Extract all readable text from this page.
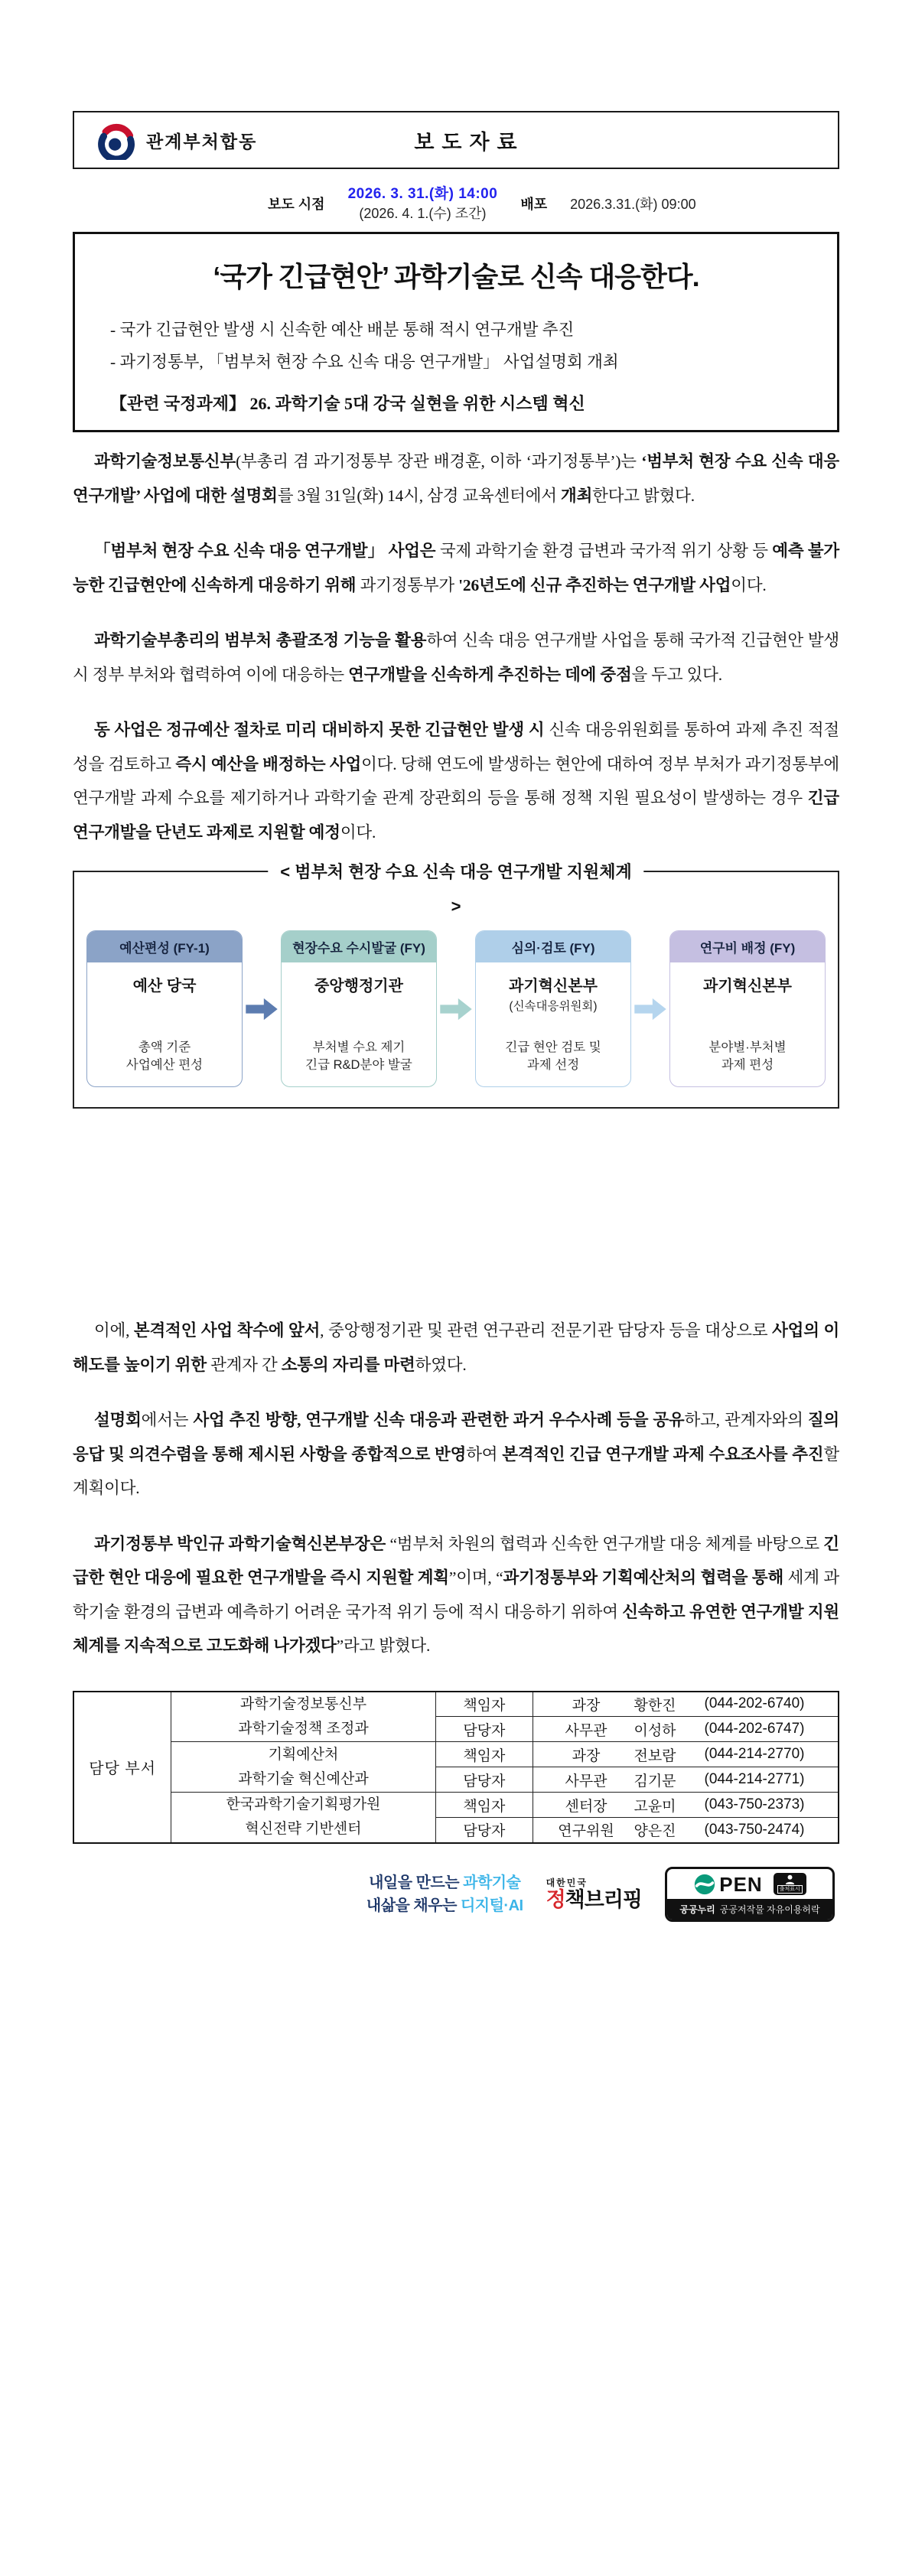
관계부처합동	보도자료
보도 시점
2026. 3. 31.(화) 14:00
(2026. 4. 1.(수) 조간)
배포 2026.3.31.(화) 09:00
‘국가 긴급현안’ 과학기술로 신속 대응한다.
- 국가 긴급현안 발생 시 신속한 예산 배분 통해 적시 연구개발 추진
- 과기정통부, 「범부처 현장 수요 신속 대응 연구개발」 사업설명회 개최
【관련 국정과제】 26. 과학기술 5대 강국 실현을 위한 시스템 혁신

과학기술정보통신부(부총리 겸 과기정통부 장관 배경훈, 이하 ‘과기정통부’)는 ‘범부처 현장 수요 신속 대응 연구개발’ 사업에 대한 설명회를 3월 31일(화) 14시, 삼경 교육센터에서 개최한다고 밝혔다.

「범부처 현장 수요 신속 대응 연구개발」 사업은 국제 과학기술 환경 급변과 국가적 위기 상황 등 예측 불가능한 긴급현안에 신속하게 대응하기 위해 과기정통부가 '26년도에 신규 추진하는 연구개발 사업이다.

과학기술부총리의 범부처 총괄조정 기능을 활용하여 신속 대응 연구개발 사업을 통해 국가적 긴급현안 발생 시 정부 부처와 협력하여 이에 대응하는 연구개발을 신속하게 추진하는 데에 중점을 두고 있다.

동 사업은 정규예산 절차로 미리 대비하지 못한 긴급현안 발생 시 신속 대응위원회를 통하여 과제 추진 적절성을 검토하고 즉시 예산을 배정하는 사업이다. 당해 연도에 발생하는 현안에 대하여 정부 부처가 과기정통부에 연구개발 과제 수요를 제기하거나 과학기술 관계 장관회의 등을 통해 정책 지원 필요성이 발생하는 경우 긴급 연구개발을 단년도 과제로 지원할 예정이다.

< 범부처 현장 수요 신속 대응 연구개발 지원체계
>
예산편성 (FY-1)
예산 당국
총액 기준
사업예산 편성
현장수요 수시발굴 (FY)
중앙행정기관
부처별 수요 제기
긴급 R&D분야 발굴
심의·검토 (FY)
과기혁신본부
(신속대응위원회)
긴급 현안 검토 및
과제 선정
연구비 배정 (FY)
과기혁신본부
분야별·부처별
과제 편성

이에, 본격적인 사업 착수에 앞서, 중앙행정기관 및 관련 연구관리 전문기관 담당자 등을 대상으로 사업의 이해도를 높이기 위한 관계자 간 소통의 자리를 마련하였다.

설명회에서는 사업 추진 방향, 연구개발 신속 대응과 관련한 과거 우수사례 등을 공유하고, 관계자와의 질의응답 및 의견수렴을 통해 제시된 사항을 종합적으로 반영하여 본격적인 긴급 연구개발 과제 수요조사를 추진할 계획이다.

과기정통부 박인규 과학기술혁신본부장은 “범부처 차원의 협력과 신속한 연구개발 대응 체계를 바탕으로 긴급한 현안 대응에 필요한 연구개발을 즉시 지원할 계획”이며, “과기정통부와 기획예산처의 협력을 통해 세계 과학기술 환경의 급변과 예측하기 어려운 국가적 위기 등에 적시 대응하기 위하여 신속하고 유연한 연구개발 지원체계를 지속적으로 고도화해 나가겠다”라고 밝혔다.

담당 부서	
과학기술정보통신부
과학기술정책 조정과
	책임자	과장	황한진	(044-202-6740)

		담당자	사무관 이성하 (044-202-6747)

기획예산처
과학기술 혁신예산과
	책임자	과장	전보람	(044-214-2770)

		담당자	사무관 김기문 (044-214-2771)

한국과학기술기획평가원
혁신전략 기반센터
	책임자	센터장	고윤미	(043-750-2373)

		담당자	연구위원 양은진 (043-750-2474)
내일을 만드는 과학기술
내삶을 채우는 디지털·AI
대한민국
정책브리핑
PEN	출처표시
공공누리 공공저작물 자유이용허락
